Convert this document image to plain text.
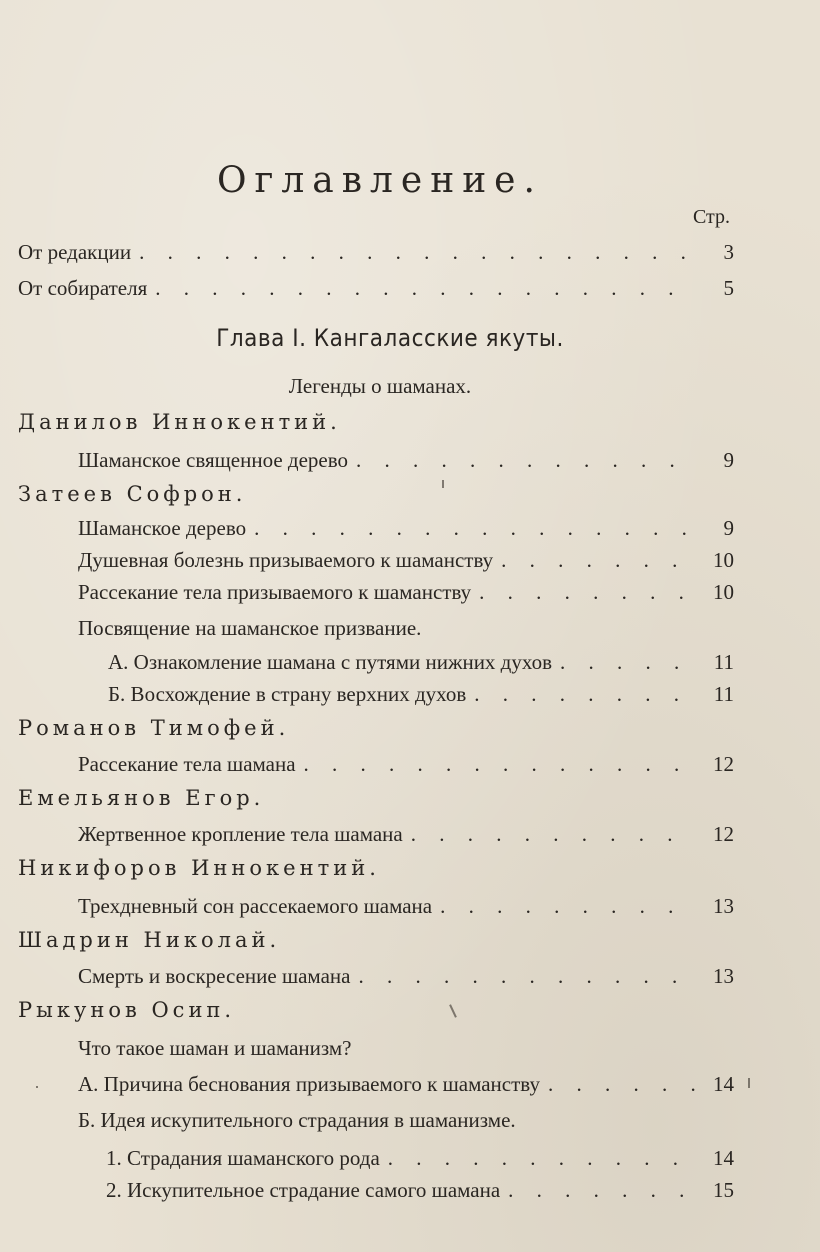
Оглавление.
Стр.
От редакции . . .	3
От собирателя . . .	5
Глава I. Кангаласские якуты.
Легенды о шаманах.
Данилов Иннокентий.
Шаманское священное дерево . . .	9
Затеев Софрон.
Шаманское дерево . . .	9
Душевная болезнь призываемого к шаманству . . .	10
Рассекание тела призываемого к шаманству . . .	10
Посвящение на шаманское призвание.
А. Ознакомление шамана с путями нижних духов . . .	11
Б. Восхождение в страну верхних духов . . .	11
Романов Тимофей.
Рассекание тела шамана . . .	12
Емельянов Егор.
Жертвенное кропление тела шамана . . .	12
Никифоров Иннокентий.
Трехдневный сон рассекаемого шамана . . .	13
Шадрин Николай.
Смерть и воскресение шамана . . .	13
Рыкунов Осип.
Что такое шаман и шаманизм?
А. Причина беснования призываемого к шаманству . . .	14
Б. Идея искупительного страдания в шаманизме.
1. Страдания шаманского рода . . .	14
2. Искупительное страдание самого шамана . . .	15
